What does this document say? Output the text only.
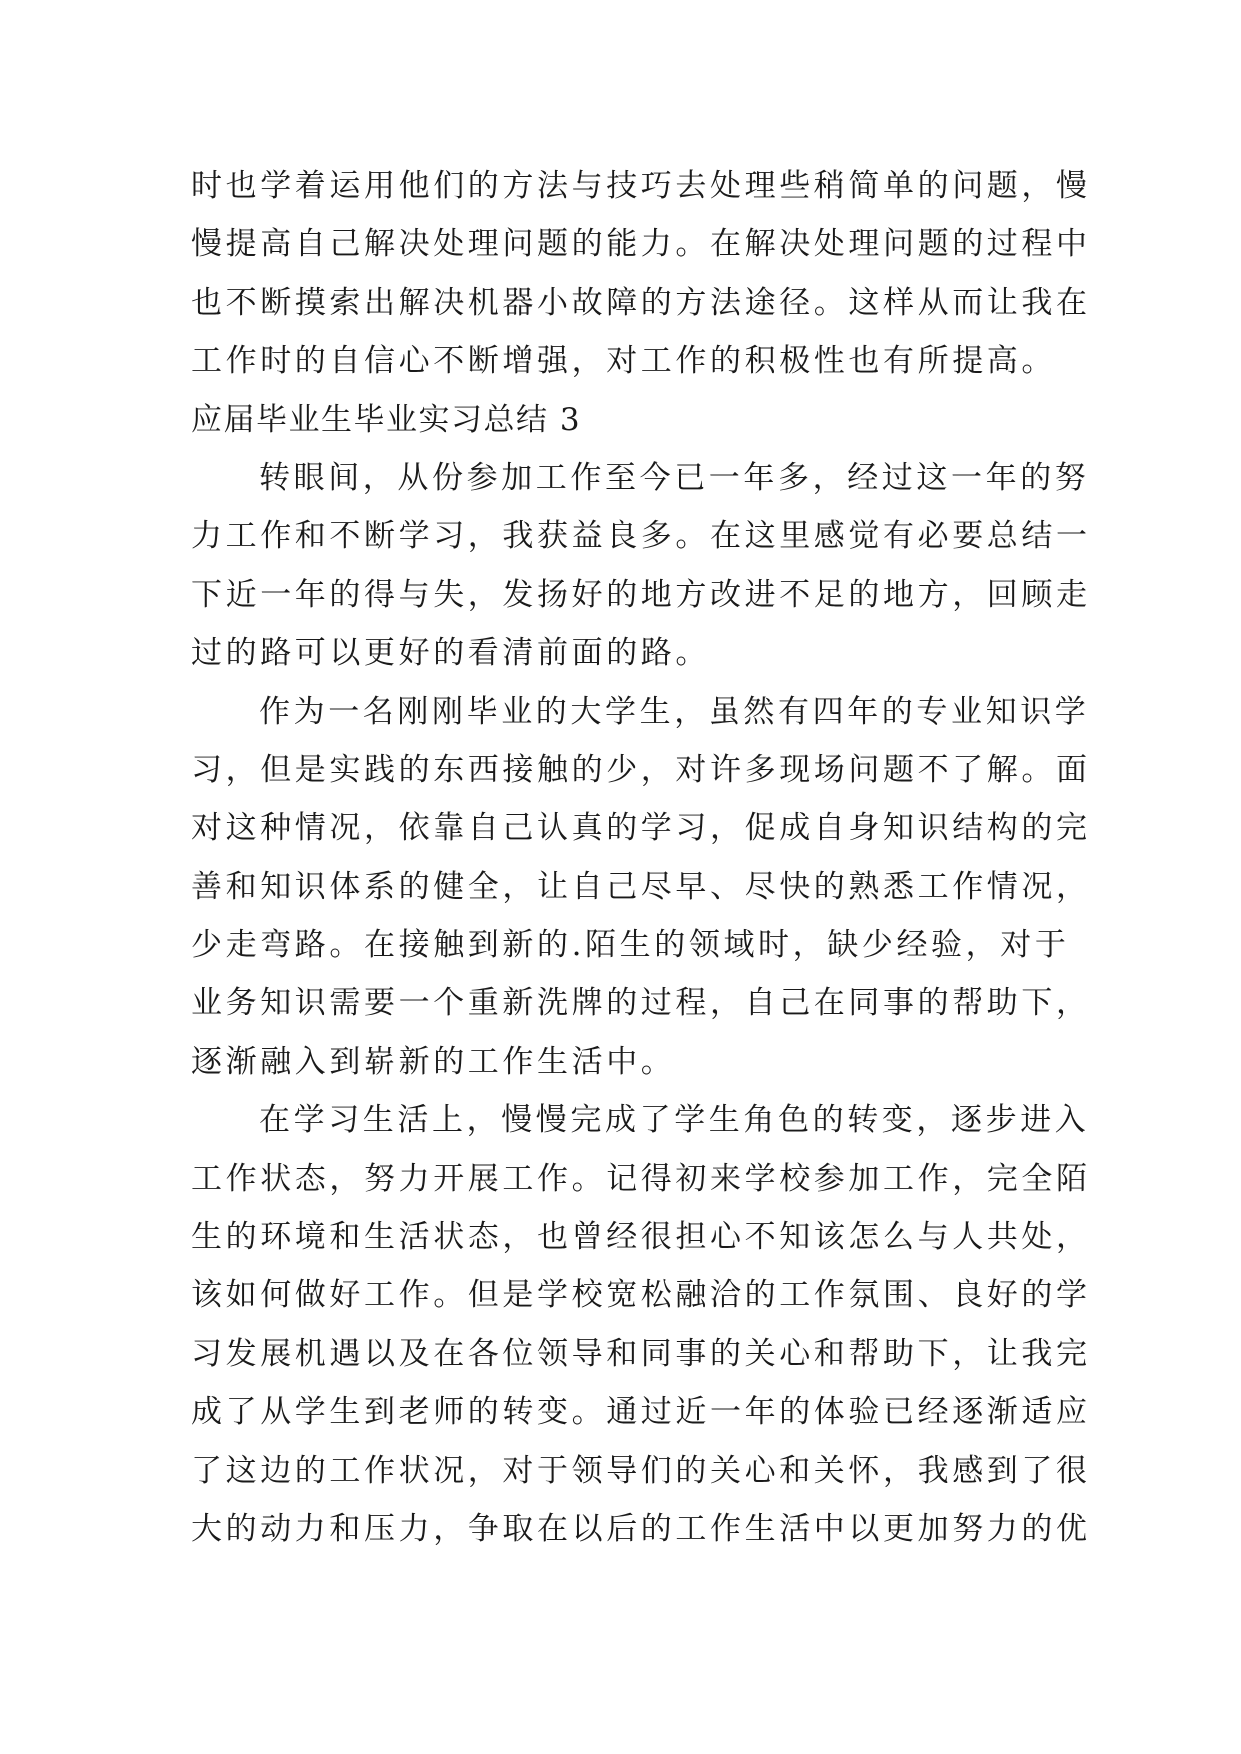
时也学着运用他们的方法与技巧去处理些稍简单的问题，慢
慢提高自己解决处理问题的能力。在解决处理问题的过程中
也不断摸索出解决机器小故障的方法途径。这样从而让我在
工作时的自信心不断增强，对工作的积极性也有所提高。
应届毕业生毕业实习总结 3
转眼间，从份参加工作至今已一年多，经过这一年的努
力工作和不断学习，我获益良多。在这里感觉有必要总结一
下近一年的得与失，发扬好的地方改进不足的地方，回顾走
过的路可以更好的看清前面的路。
作为一名刚刚毕业的大学生，虽然有四年的专业知识学
习，但是实践的东西接触的少，对许多现场问题不了解。面
对这种情况，依靠自己认真的学习，促成自身知识结构的完
善和知识体系的健全，让自己尽早、尽快的熟悉工作情况，
少走弯路。在接触到新的.陌生的领域时，缺少经验，对于
业务知识需要一个重新洗牌的过程，自己在同事的帮助下，
逐渐融入到崭新的工作生活中。
在学习生活上，慢慢完成了学生角色的转变，逐步进入
工作状态，努力开展工作。记得初来学校参加工作，完全陌
生的环境和生活状态，也曾经很担心不知该怎么与人共处，
该如何做好工作。但是学校宽松融洽的工作氛围、良好的学
习发展机遇以及在各位领导和同事的关心和帮助下，让我完
成了从学生到老师的转变。通过近一年的体验已经逐渐适应
了这边的工作状况，对于领导们的关心和关怀，我感到了很
大的动力和压力，争取在以后的工作生活中以更加努力的优
